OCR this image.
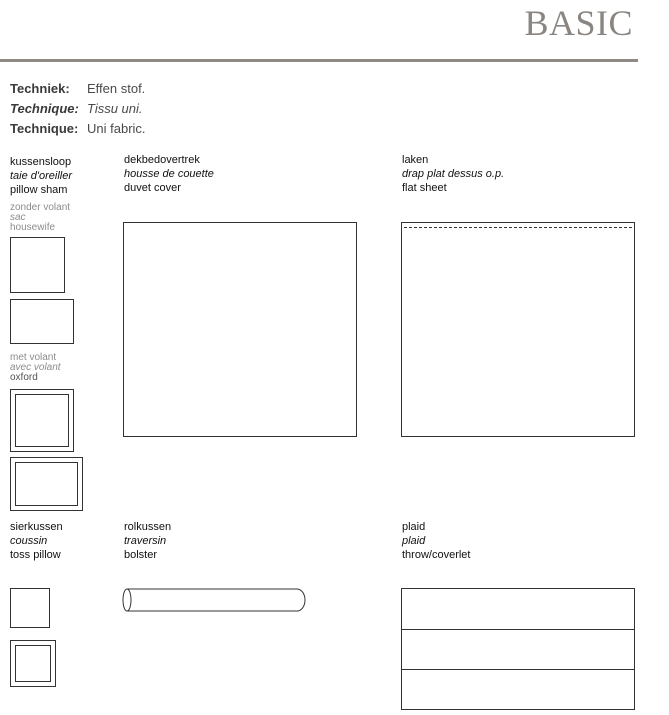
BASIC
Techniek: Effen stof.
Technique: Tissu uni.
Technique: Uni fabric.
kussensloop
taie d'oreiller
pillow sham
zonder volant
sac
housewife
met volant
avec volant
oxford
dekbedovertrek
housse de couette
duvet cover
laken
drap plat dessus o.p.
flat sheet
sierkussen
coussin
toss pillow
rolkussen
traversin
bolster
plaid
plaid
throw/coverlet
